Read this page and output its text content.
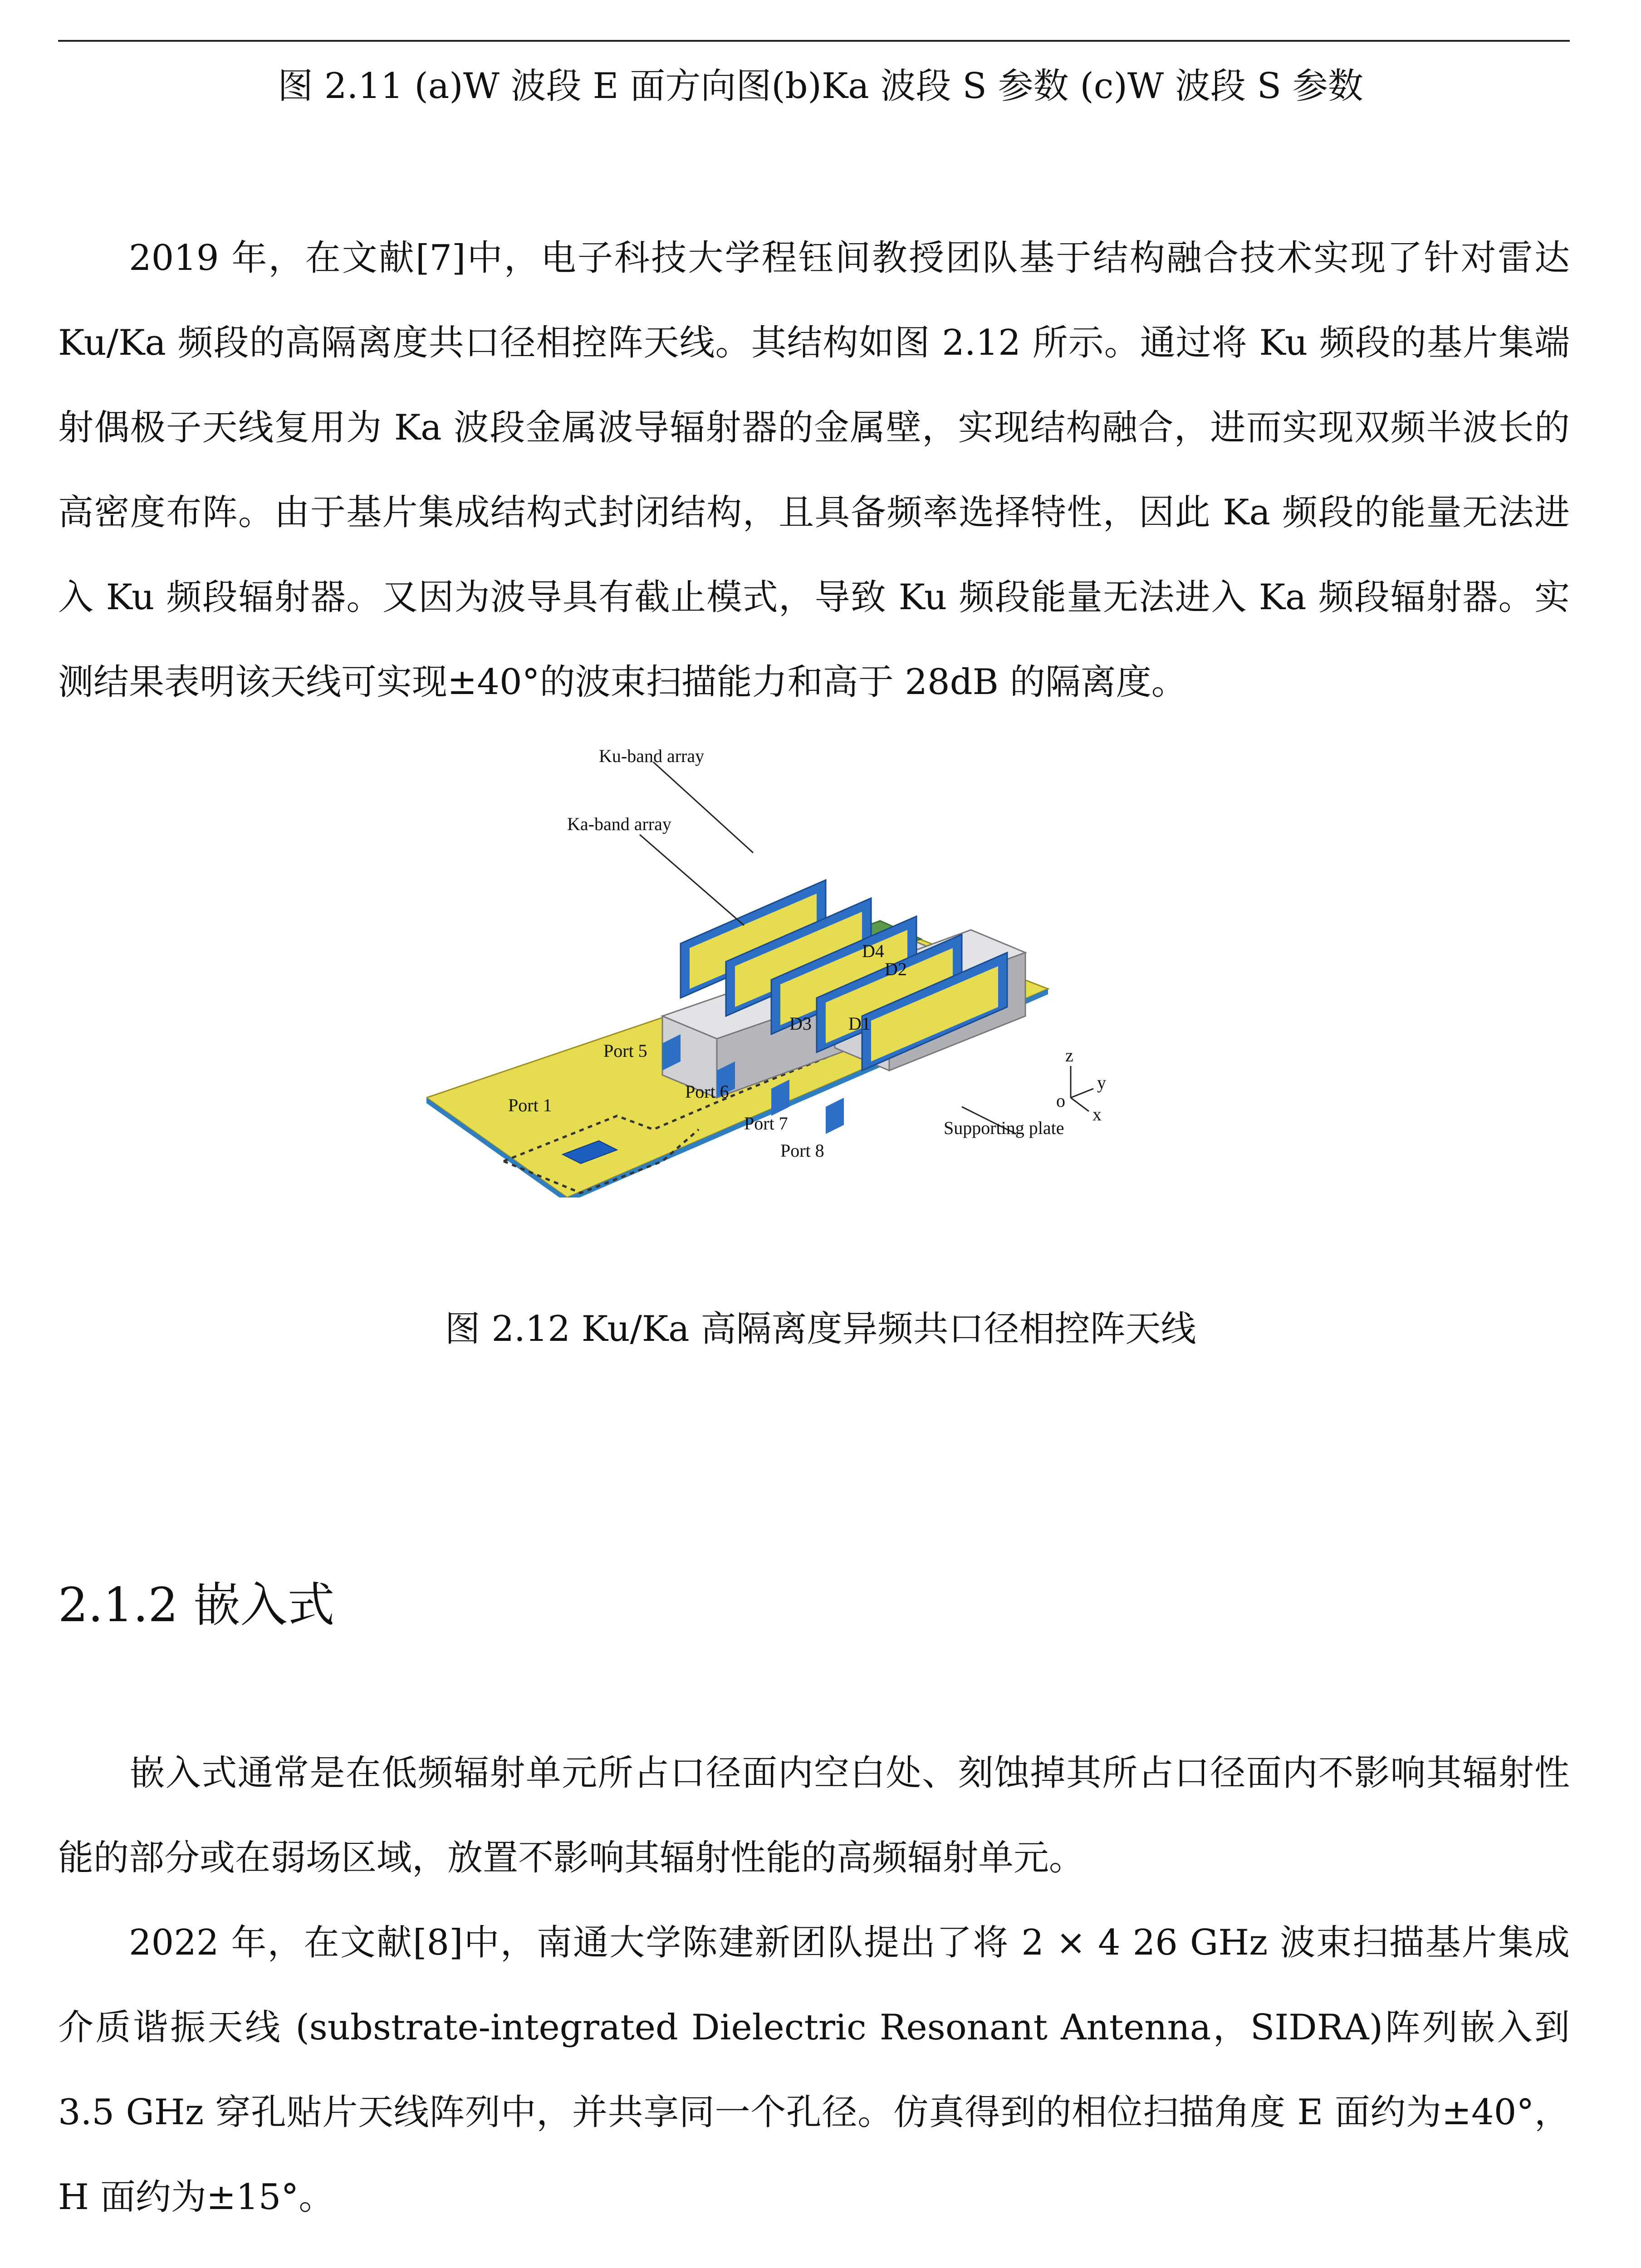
图 2.11 (a)W 波段 E 面方向图(b)Ka 波段 S 参数 (c)W 波段 S 参数
2019 年，在文献[7]中，电子科技大学程钰间教授团队基于结构融合技术实现了针对雷达 Ku/Ka 频段的高隔离度共口径相控阵天线。其结构如图 2.12 所示。通过将 Ku 频段的基片集端射偶极子天线复用为 Ka 波段金属波导辐射器的金属壁，实现结构融合，进而实现双频半波长的高密度布阵。由于基片集成结构式封闭结构，且具备频率选择特性，因此 Ka 频段的能量无法进入 Ku 频段辐射器。又因为波导具有截止模式，导致 Ku 频段能量无法进入 Ka 频段辐射器。实测结果表明该天线可实现±40°的波束扫描能力和高于 28dB 的隔离度。
z
y
x
o
Ku-band array
Ka-band array
Port 5
Port 6
Port 7
Port 8
Port 1
Supporting plate
D4
D2
D3 D1
图 2.12 Ku/Ka 高隔离度异频共口径相控阵天线
2.1.2 嵌入式
嵌入式通常是在低频辐射单元所占口径面内空白处、刻蚀掉其所占口径面内不影响其辐射性能的部分或在弱场区域，放置不影响其辐射性能的高频辐射单元。
2022 年，在文献[8]中，南通大学陈建新团队提出了将 2 × 4 26 GHz 波束扫描基片集成介质谐振天线 (substrate-integrated Dielectric Resonant Antenna，SIDRA)阵列嵌入到 3.5 GHz 穿孔贴片天线阵列中，并共享同一个孔径。仿真得到的相位扫描角度 E 面约为±40°，H 面约为±15°。
